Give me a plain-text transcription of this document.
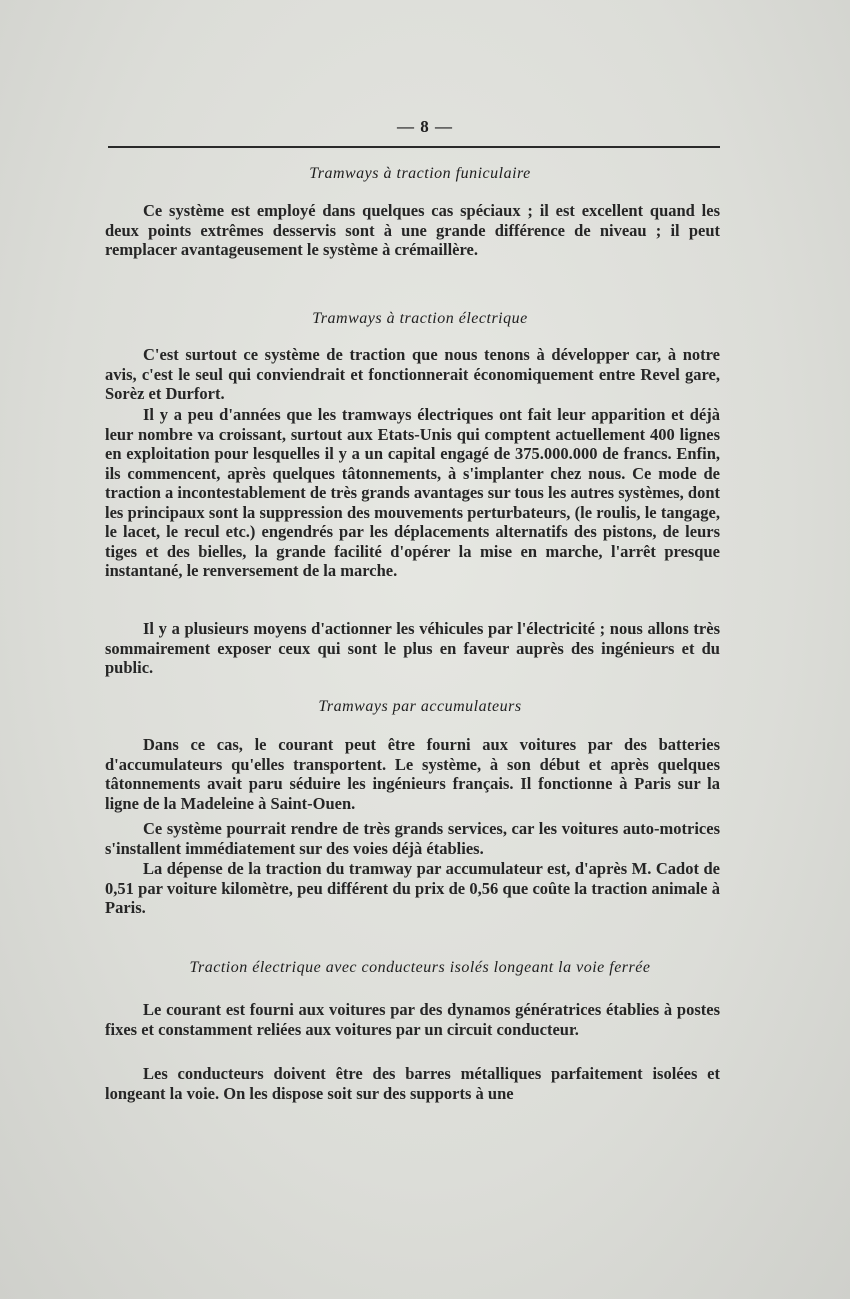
— 8 —
Tramways à traction funiculaire

Ce système est employé dans quelques cas spéciaux ; il est excellent quand les deux points extrêmes desservis sont à une grande différence de niveau ; il peut remplacer avantageusement le système à crémaillère.

Tramways à traction électrique

C'est surtout ce système de traction que nous tenons à développer car, à notre avis, c'est le seul qui conviendrait et fonctionnerait économiquement entre Revel gare, Sorèz et Durfort.

Il y a peu d'années que les tramways électriques ont fait leur apparition et déjà leur nombre va croissant, surtout aux Etats-Unis qui comptent actuellement 400 lignes en exploitation pour lesquelles il y a un capital engagé de 375.000.000 de francs. Enfin, ils commencent, après quelques tâtonnements, à s'implanter chez nous. Ce mode de traction a incontestablement de très grands avantages sur tous les autres systèmes, dont les principaux sont la suppression des mouvements perturbateurs, (le roulis, le tangage, le lacet, le recul etc.) engendrés par les déplacements alternatifs des pistons, de leurs tiges et des bielles, la grande facilité d'opérer la mise en marche, l'arrêt presque instantané, le renversement de la marche.

Il y a plusieurs moyens d'actionner les véhicules par l'électricité ; nous allons très sommairement exposer ceux qui sont le plus en faveur auprès des ingénieurs et du public.

Tramways par accumulateurs

Dans ce cas, le courant peut être fourni aux voitures par des batteries d'accumulateurs qu'elles transportent. Le système, à son début et après quelques tâtonnements avait paru séduire les ingénieurs français. Il fonctionne à Paris sur la ligne de la Madeleine à Saint-Ouen.

Ce système pourrait rendre de très grands services, car les voitures auto-motrices s'installent immédiatement sur des voies déjà établies.

La dépense de la traction du tramway par accumulateur est, d'après M. Cadot de 0,51 par voiture kilomètre, peu différent du prix de 0,56 que coûte la traction animale à Paris.

Traction électrique avec conducteurs isolés longeant la voie ferrée

Le courant est fourni aux voitures par des dynamos génératrices établies à postes fixes et constamment reliées aux voitures par un circuit conducteur.

Les conducteurs doivent être des barres métalliques parfaitement isolées et longeant la voie. On les dispose soit sur des supports à une
